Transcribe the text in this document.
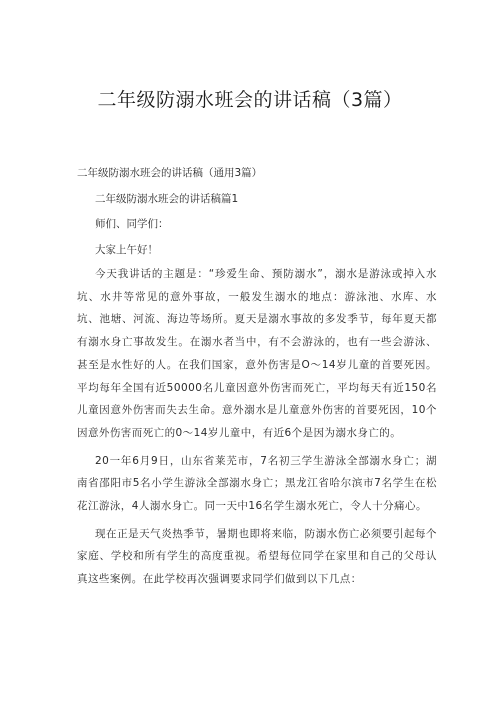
二年级防溺水班会的讲话稿（3篇）
二年级防溺水班会的讲话稿（通用3篇）
二年级防溺水班会的讲话稿篇1
师们、同学们：
大家上午好！
今天我讲话的主题是：“珍爱生命、预防溺水”，溺水是游泳或掉入水坑、水井等常见的意外事故，一般发生溺水的地点：游泳池、水库、水坑、池塘、河流、海边等场所。夏天是溺水事故的多发季节，每年夏天都有溺水身亡事故发生。在溺水者当中，有不会游泳的，也有一些会游泳、甚至是水性好的人。在我们国家，意外伤害是O～14岁儿童的首要死因。平均每年全国有近50000名儿童因意外伤害而死亡，平均每天有近150名儿童因意外伤害而失去生命。意外溺水是儿童意外伤害的首要死因，10个因意外伤害而死亡的0～14岁儿童中，有近6个是因为溺水身亡的。
20一年6月9日，山东省莱芜市，7名初三学生游泳全部溺水身亡；湖南省邵阳市5名小学生游泳全部溺水身亡；黑龙江省哈尔滨市7名学生在松花江游泳，4人溺水身亡。同一天中16名学生溺水死亡，令人十分痛心。
现在正是天气炎热季节，暑期也即将来临，防溺水伤亡必须要引起每个家庭、学校和所有学生的高度重视。希望每位同学在家里和自己的父母认真这些案例。在此学校再次强调要求同学们做到以下几点：
